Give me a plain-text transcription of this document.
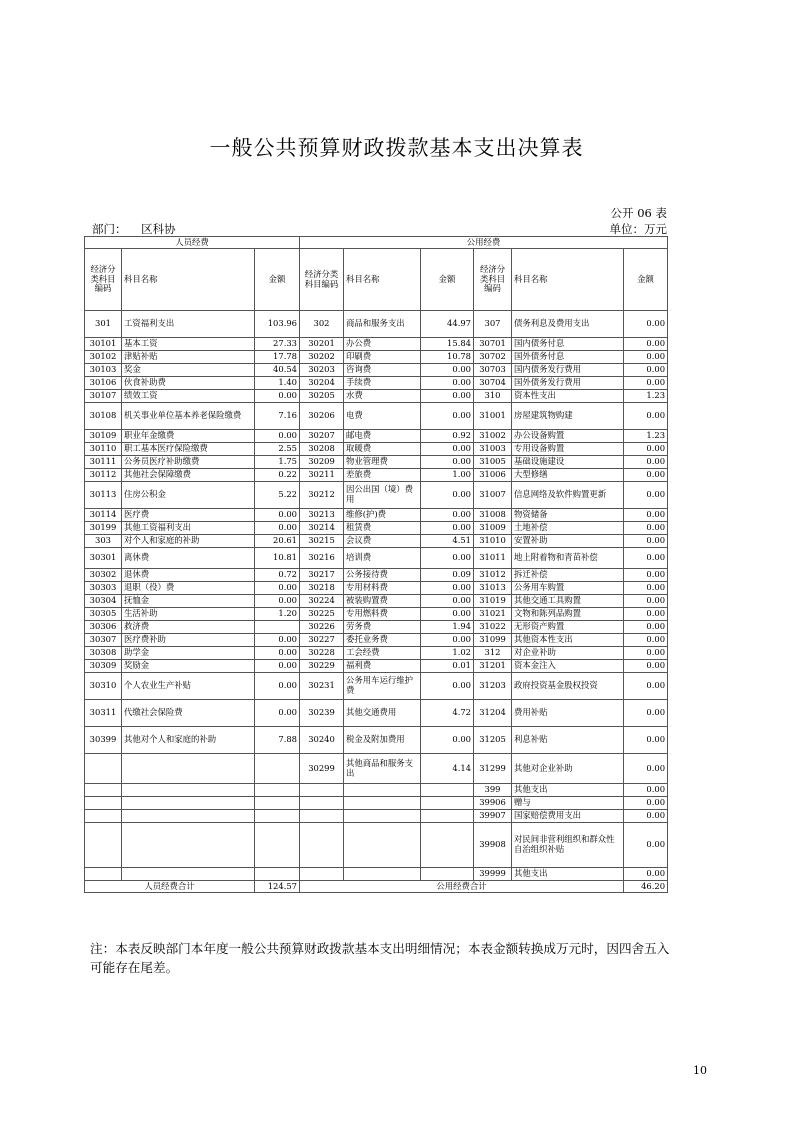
一般公共预算财政拨款基本支出决算表
公开 06 表
部门： 区科协	单位：万元
人员经费			公用经费					
经济分类科目编码	科目名称	金额	经济分类科目编码	科目名称	金额	经济分类科目编码	科目名称	金额
301	工资福利支出	103.96	302	商品和服务支出	44.97	307	债务利息及费用支出	0.00
30101	基本工资	27.33	30201	办公费	15.84	30701	国内债务付息	0.00
30102	津贴补贴	17.78	30202	印刷费	10.78	30702	国外债务付息	0.00
30103	奖金	40.54	30203	咨询费	0.00	30703	国内债务发行费用	0.00
30106	伙食补助费	1.40	30204	手续费	0.00	30704	国外债务发行费用	0.00
30107	绩效工资	0.00	30205	水费	0.00	310	资本性支出	1.23
30108	机关事业单位基本养老保险缴费	7.16	30206	电费	0.00	31001	房屋建筑物购建	0.00
30109	职业年金缴费	0.00	30207	邮电费	0.92	31002	办公设备购置	1.23
30110	职工基本医疗保险缴费	2.55	30208	取暖费	0.00	31003	专用设备购置	0.00
30111	公务员医疗补助缴费	1.75	30209	物业管理费	0.00	31005	基础设施建设	0.00
30112	其他社会保障缴费	0.22	30211	差旅费	1.00	31006	大型修缮	0.00
30113	住房公积金	5.22	30212	因公出国（境）费用	0.00	31007	信息网络及软件购置更新	0.00
30114	医疗费	0.00	30213	维修(护)费	0.00	31008	物资储备	0.00
30199	其他工资福利支出	0.00	30214	租赁费	0.00	31009	土地补偿	0.00
303	对个人和家庭的补助	20.61	30215	会议费	4.51	31010	安置补助	0.00
30301	离休费	10.81	30216	培训费	0.00	31011	地上附着物和青苗补偿	0.00
30302	退休费	0.72	30217	公务接待费	0.09	31012	拆迁补偿	0.00
30303	退职（役）费	0.00	30218	专用材料费	0.00	31013	公务用车购置	0.00
30304	抚恤金	0.00	30224	被装购置费	0.00	31019	其他交通工具购置	0.00
30305	生活补助	1.20	30225	专用燃料费	0.00	31021	文物和陈列品购置	0.00
30306	救济费		30226	劳务费	1.94	31022	无形资产购置	0.00
30307	医疗费补助	0.00	30227	委托业务费	0.00	31099	其他资本性支出	0.00
30308	助学金	0.00	30228	工会经费	1.02	312	对企业补助	0.00
30309	奖励金	0.00	30229	福利费	0.01	31201	资本金注入	0.00
30310	个人农业生产补贴	0.00	30231	公务用车运行维护费	0.00	31203	政府投资基金股权投资	0.00
30311	代缴社会保险费	0.00	30239	其他交通费用	4.72	31204	费用补贴	0.00
30399	其他对个人和家庭的补助	7.88	30240	税金及附加费用	0.00	31205	利息补贴	0.00
			30299	其他商品和服务支出	4.14	31299	其他对企业补助	0.00
						399	其他支出	0.00
						39906	赠与	0.00
						39907	国家赔偿费用支出	0.00
						39908	对民间非营利组织和群众性自治组织补贴	0.00
						39999	其他支出	0.00
人员经费合计		124.57	公用经费合计					46.20
注：本表反映部门本年度一般公共预算财政拨款基本支出明细情况；本表金额转换成万元时，因四舍五入可能存在尾差。
10
